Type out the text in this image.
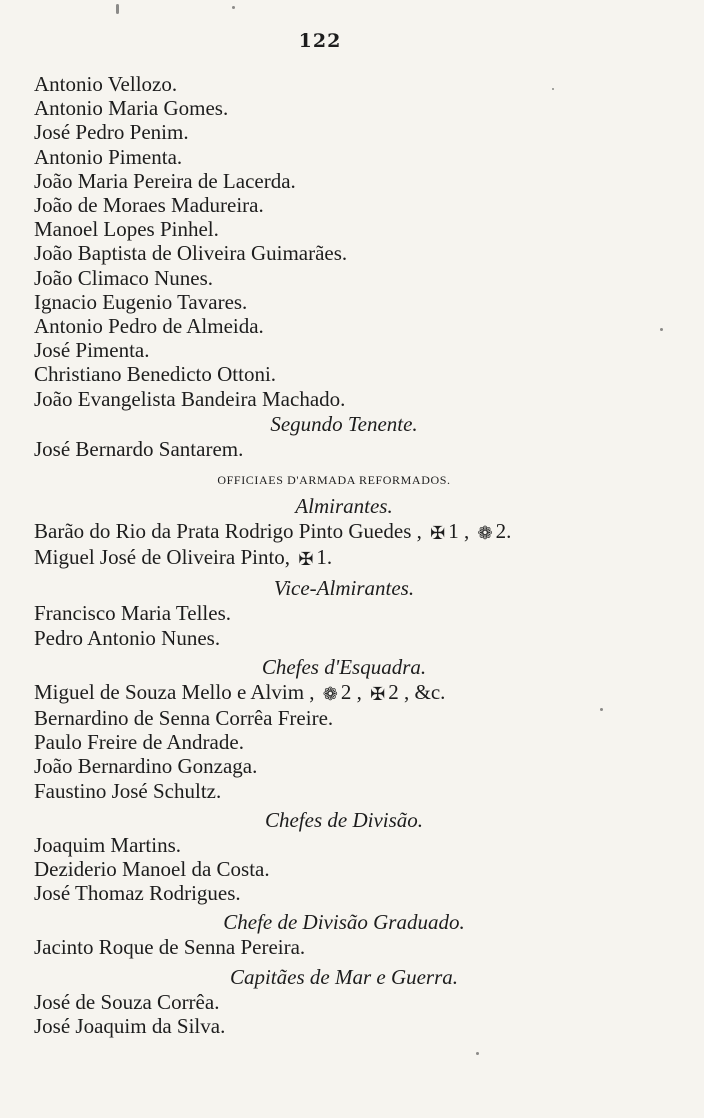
122
Antonio Vellozo.
Antonio Maria Gomes.
José Pedro Penim.
Antonio Pimenta.
João Maria Pereira de Lacerda.
João de Moraes Madureira.
Manoel Lopes Pinhel.
João Baptista de Oliveira Guimarães.
João Climaco Nunes.
Ignacio Eugenio Tavares.
Antonio Pedro de Almeida.
José Pimenta.
Christiano Benedicto Ottoni.
João Evangelista Bandeira Machado.
Segundo Tenente.
José Bernardo Santarem.
OFFICIAES D'ARMADA REFORMADOS.
Almirantes.
Barão do Rio da Prata Rodrigo Pinto Guedes , ✠ 1 , ❁ 2.
Miguel José de Oliveira Pinto, ✠ 1.
Vice-Almirantes.
Francisco Maria Telles.
Pedro Antonio Nunes.
Chefes d'Esquadra.
Miguel de Souza Mello e Alvim , ❁ 2 , ✠ 2 , &c.
Bernardino de Senna Corrêa Freire.
Paulo Freire de Andrade.
João Bernardino Gonzaga.
Faustino José Schultz.
Chefes de Divisão.
Joaquim Martins.
Deziderio Manoel da Costa.
José Thomaz Rodrigues.
Chefe de Divisão Graduado.
Jacinto Roque de Senna Pereira.
Capitães de Mar e Guerra.
José de Souza Corrêa.
José Joaquim da Silva.
